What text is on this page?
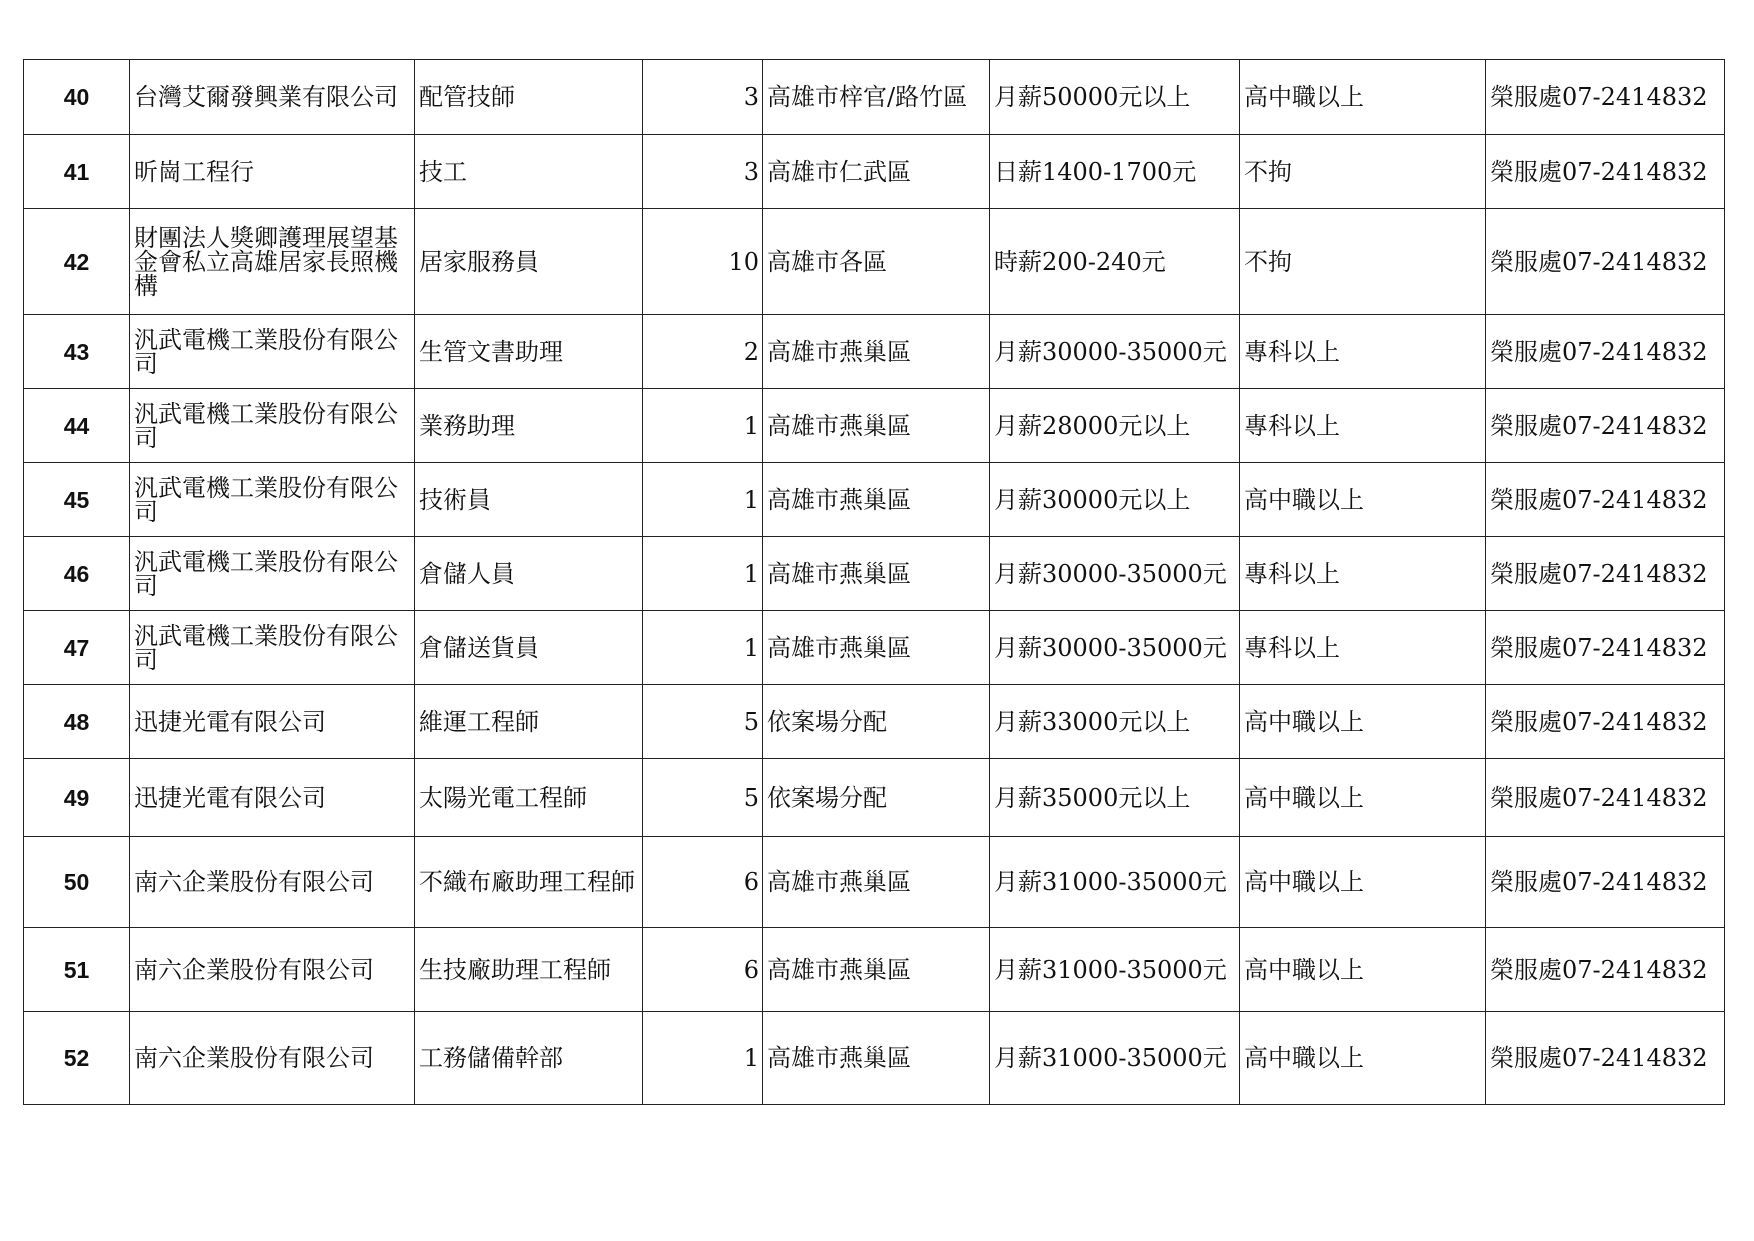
40	台灣艾爾發興業有限公司	配管技師	3	高雄市梓官/路竹區	月薪50000元以上	高中職以上	榮服處07-2414832
41	昕崗工程行	技工	3	高雄市仁武區	日薪1400-1700元	不拘	榮服處07-2414832
42	財團法人獎卿護理展望基金會私立高雄居家長照機構	居家服務員	10	高雄市各區	時薪200-240元	不拘	榮服處07-2414832
43	汎武電機工業股份有限公司	生管文書助理	2	高雄市燕巢區	月薪30000-35000元	專科以上	榮服處07-2414832
44	汎武電機工業股份有限公司	業務助理	1	高雄市燕巢區	月薪28000元以上	專科以上	榮服處07-2414832
45	汎武電機工業股份有限公司	技術員	1	高雄市燕巢區	月薪30000元以上	高中職以上	榮服處07-2414832
46	汎武電機工業股份有限公司	倉儲人員	1	高雄市燕巢區	月薪30000-35000元	專科以上	榮服處07-2414832
47	汎武電機工業股份有限公司	倉儲送貨員	1	高雄市燕巢區	月薪30000-35000元	專科以上	榮服處07-2414832
48	迅捷光電有限公司	維運工程師	5	依案場分配	月薪33000元以上	高中職以上	榮服處07-2414832
49	迅捷光電有限公司	太陽光電工程師	5	依案場分配	月薪35000元以上	高中職以上	榮服處07-2414832
50	南六企業股份有限公司	不織布廠助理工程師	6	高雄市燕巢區	月薪31000-35000元	高中職以上	榮服處07-2414832
51	南六企業股份有限公司	生技廠助理工程師	6	高雄市燕巢區	月薪31000-35000元	高中職以上	榮服處07-2414832
52	南六企業股份有限公司	工務儲備幹部	1	高雄市燕巢區	月薪31000-35000元	高中職以上	榮服處07-2414832
